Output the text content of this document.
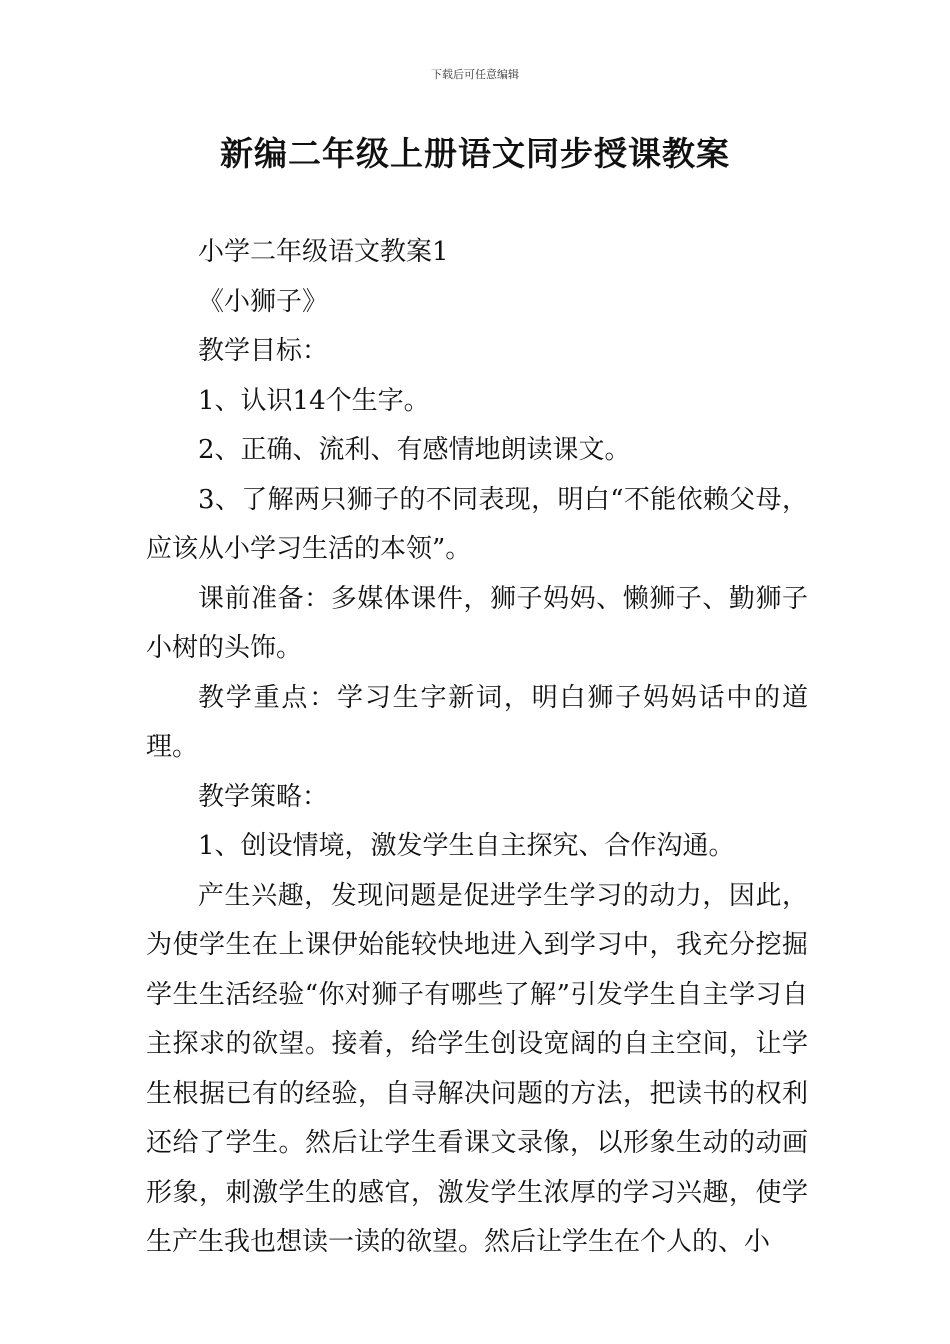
下载后可任意编辑
新编二年级上册语文同步授课教案

小学二年级语文教案1

《小狮子》

教学目标：

1、认识14个生字。

2、正确、流利、有感情地朗读课文。

3、了解两只狮子的不同表现，明白“不能依赖父母，应该从小学习生活的本领”。

课前准备：多媒体课件，狮子妈妈、懒狮子、勤狮子小树的头饰。

教学重点：学习生字新词，明白狮子妈妈话中的道理。

教学策略：

1、创设情境，激发学生自主探究、合作沟通。

产生兴趣，发现问题是促进学生学习的动力，因此，为使学生在上课伊始能较快地进入到学习中，我充分挖掘学生生活经验“你对狮子有哪些了解”引发学生自主学习自主探求的欲望。接着，给学生创设宽阔的自主空间，让学生根据已有的经验，自寻解决问题的方法，把读书的权利还给了学生。然后让学生看课文录像，以形象生动的动画形象，刺激学生的感官，激发学生浓厚的学习兴趣，使学生产生我也想读一读的欲望。然后让学生在个人的、小
